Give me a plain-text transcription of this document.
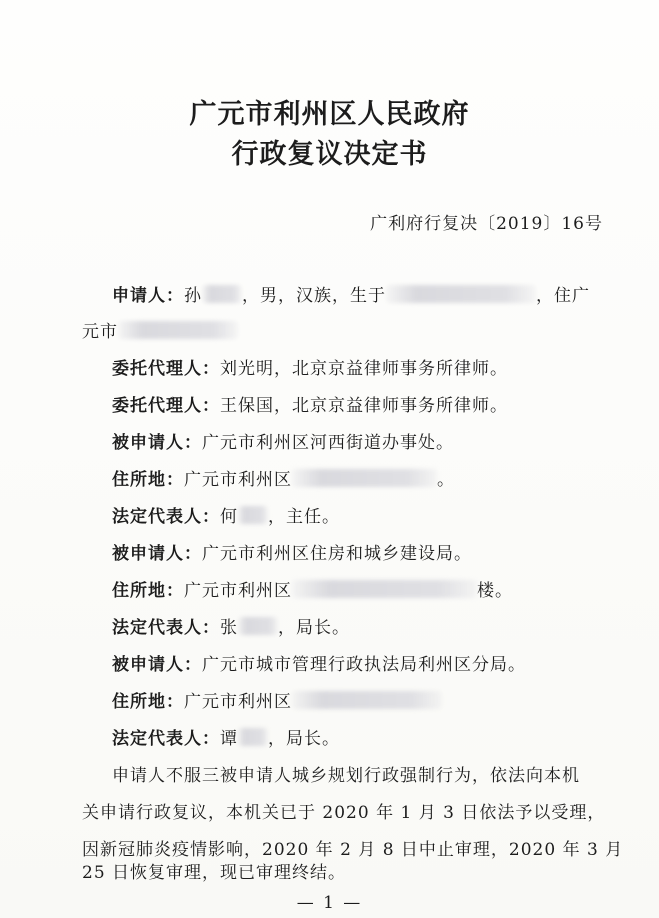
广元市利州区人民政府
行政复议决定书
广利府行复决〔2019〕16号
申请人：孙 ，男，汉族，生于	，住广
元市
委托代理人：刘光明，北京京益律师事务所律师。
委托代理人：王保国，北京京益律师事务所律师。
被申请人：广元市利州区河西街道办事处。
住所地：广元市利州区	。
法定代表人：何 ，主任。
被申请人：广元市利州区住房和城乡建设局。
住所地：广元市利州区	楼。
法定代表人：张 ，局长。
被申请人：广元市城市管理行政执法局利州区分局。
住所地：广元市利州区
法定代表人：谭 ，局长。
申请人不服三被申请人城乡规划行政强制行为，依法向本机
关申请行政复议，本机关已于 2020 年 1 月 3 日依法予以受理，
因新冠肺炎疫情影响，2020 年 2 月 8 日中止审理，2020 年 3 月
25 日恢复审理，现已审理终结。
— 1 —
